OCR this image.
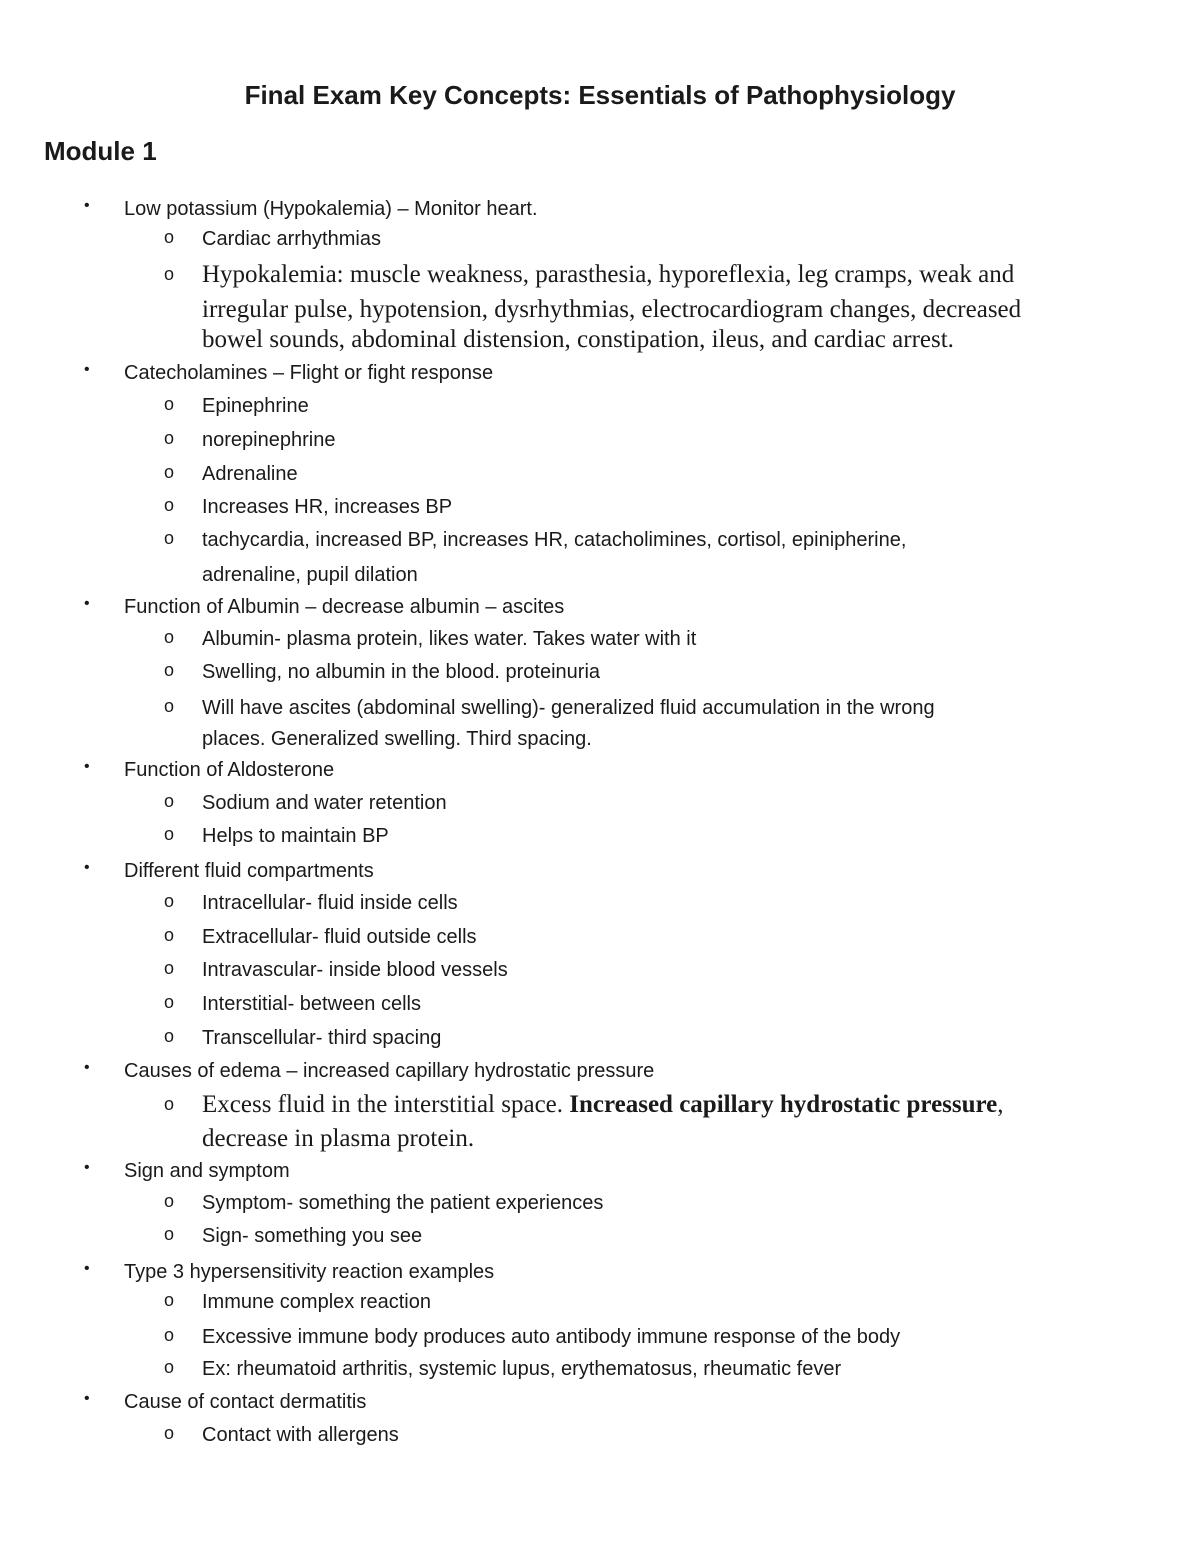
Final Exam Key Concepts: Essentials of Pathophysiology
Module 1
• Low potassium (Hypokalemia) – Monitor heart.
o Cardiac arrhythmias
o Hypokalemia: muscle weakness, parasthesia, hyporeflexia, leg cramps, weak and
irregular pulse, hypotension, dysrhythmias, electrocardiogram changes, decreased
bowel sounds, abdominal distension, constipation, ileus, and cardiac arrest.
• Catecholamines – Flight or fight response
o Epinephrine
o norepinephrine
o Adrenaline
o Increases HR, increases BP
o tachycardia, increased BP, increases HR, catacholimines, cortisol, epinipherine,
adrenaline, pupil dilation
• Function of Albumin – decrease albumin – ascites
o Albumin- plasma protein, likes water. Takes water with it
o Swelling, no albumin in the blood. proteinuria
o Will have ascites (abdominal swelling)- generalized fluid accumulation in the wrong
places. Generalized swelling. Third spacing.
• Function of Aldosterone
o Sodium and water retention
o Helps to maintain BP
• Different fluid compartments
o Intracellular- fluid inside cells
o Extracellular- fluid outside cells
o Intravascular- inside blood vessels
o Interstitial- between cells
o Transcellular- third spacing
• Causes of edema – increased capillary hydrostatic pressure
o Excess fluid in the interstitial space. Increased capillary hydrostatic pressure,
decrease in plasma protein.
• Sign and symptom
o Symptom- something the patient experiences
o Sign- something you see
• Type 3 hypersensitivity reaction examples
o Immune complex reaction
o Excessive immune body produces auto antibody immune response of the body
o Ex: rheumatoid arthritis, systemic lupus, erythematosus, rheumatic fever
• Cause of contact dermatitis
o Contact with allergens
